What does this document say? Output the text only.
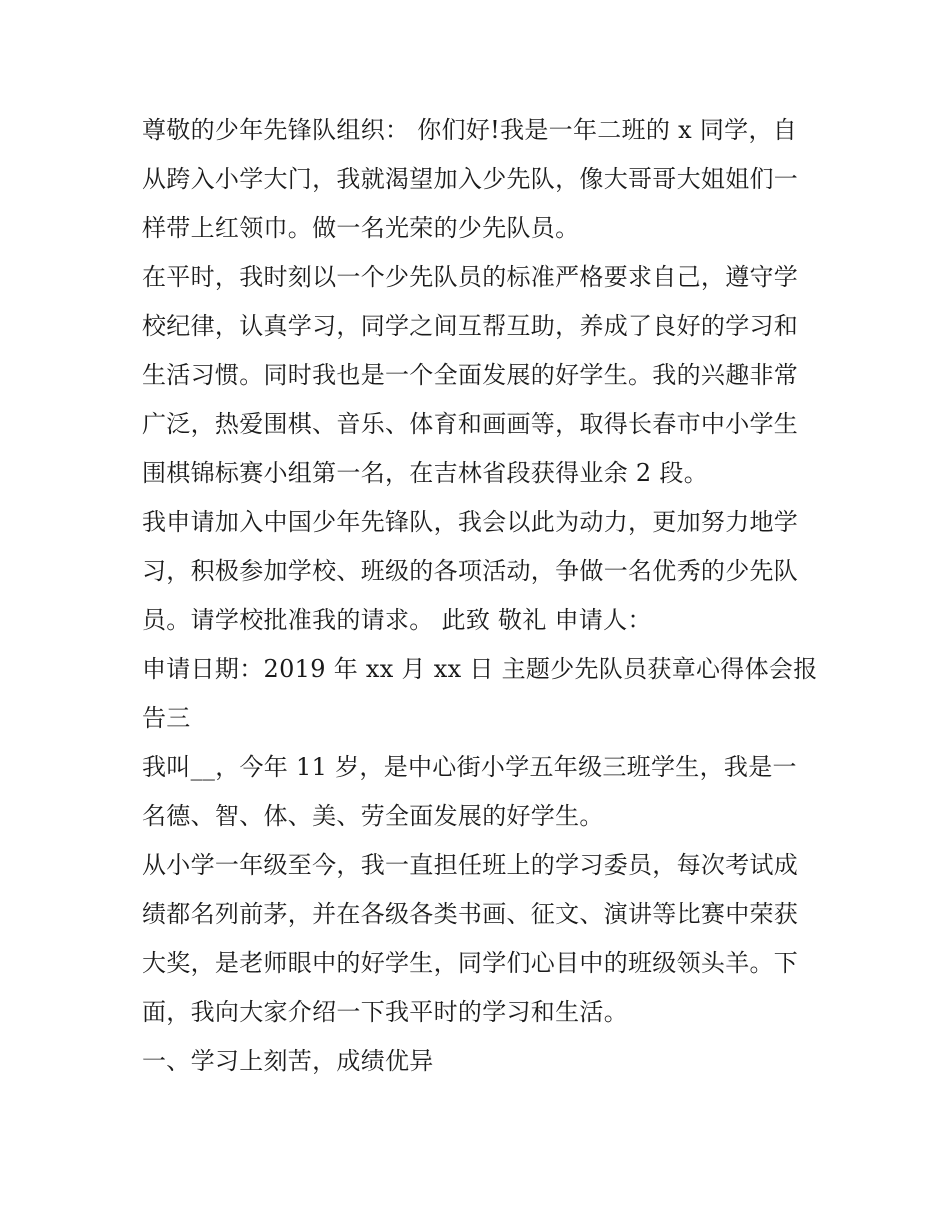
尊敬的少年先锋队组织： 你们好!我是一年二班的 x 同学，自

从跨入小学大门，我就渴望加入少先队，像大哥哥大姐姐们一

样带上红领巾。做一名光荣的少先队员。

在平时，我时刻以一个少先队员的标准严格要求自己，遵守学

校纪律，认真学习，同学之间互帮互助，养成了良好的学习和

生活习惯。同时我也是一个全面发展的好学生。我的兴趣非常

广泛，热爱围棋、音乐、体育和画画等，取得长春市中小学生

围棋锦标赛小组第一名，在吉林省段获得业余 2 段。

我申请加入中国少年先锋队，我会以此为动力，更加努力地学

习，积极参加学校、班级的各项活动，争做一名优秀的少先队

员。请学校批准我的请求。 此致 敬礼 申请人：

申请日期：2019 年 xx 月 xx 日 主题少先队员获章心得体会报

告三

我叫__，今年 11 岁，是中心街小学五年级三班学生，我是一

名德、智、体、美、劳全面发展的好学生。

从小学一年级至今，我一直担任班上的学习委员，每次考试成

绩都名列前茅，并在各级各类书画、征文、演讲等比赛中荣获

大奖，是老师眼中的好学生，同学们心目中的班级领头羊。下

面，我向大家介绍一下我平时的学习和生活。

一、学习上刻苦，成绩优异
